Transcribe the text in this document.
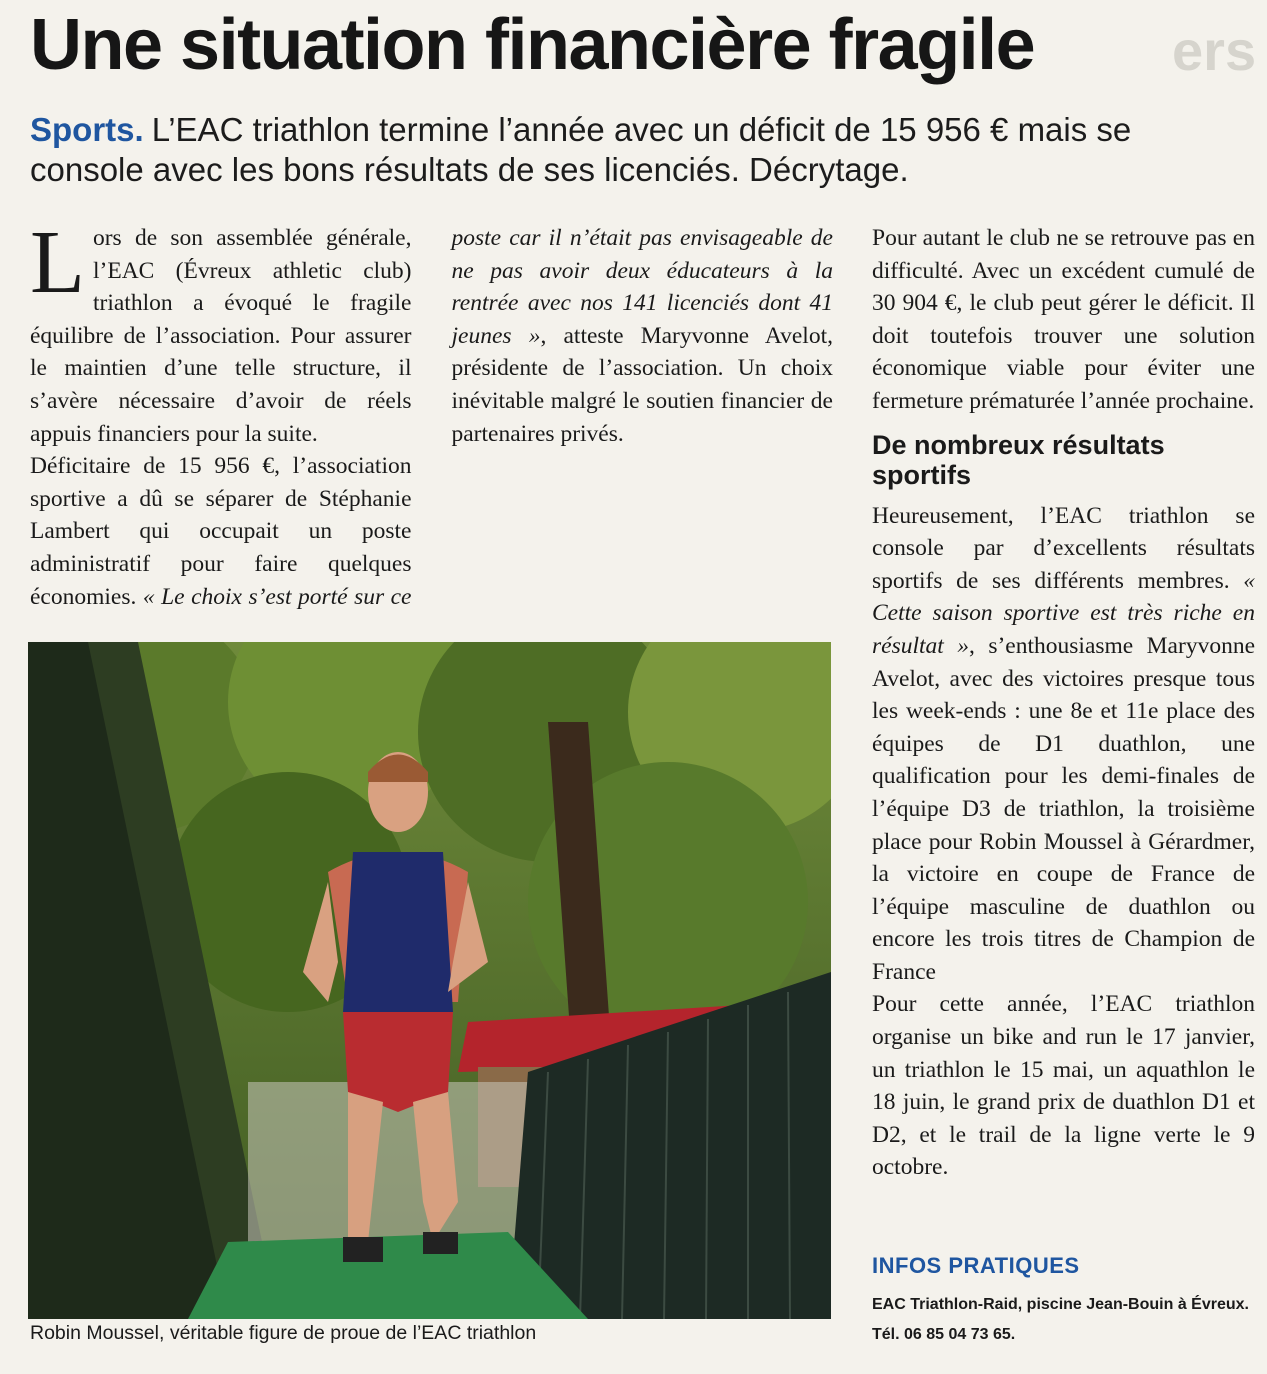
Une situation financière fragile	ers
Sports. L’EAC triathlon termine l’année avec un déficit de 15 956 € mais se console avec les bons résultats de ses licenciés. Décrytage.

Lors de son assemblée générale, l’EAC (Évreux athletic club) triathlon a évoqué le fragile équilibre de l’association. Pour assurer le maintien d’une telle structure, il s’avère nécessaire d’avoir de réels appuis financiers pour la suite.

Déficitaire de 15 956 €, l’association sportive a dû se séparer de Stéphanie Lambert qui occupait un poste administratif pour faire quelques économies. « Le choix s’est porté sur ce poste car il n’était pas envisageable de ne pas avoir deux éducateurs à la rentrée avec nos 141 licenciés dont 41 jeunes », atteste Maryvonne Avelot, présidente de l’association. Un choix inévitable malgré le soutien financier de partenaires privés.

Pour autant le club ne se retrouve pas en difficulté. Avec un excédent cumulé de 30 904 €, le club peut gérer le déficit. Il doit toutefois trouver une solution économique viable pour éviter une fermeture prématurée l’année prochaine.

De nombreux résultats sportifs

Heureusement, l’EAC triathlon se console par d’excellents résultats sportifs de ses différents membres. « Cette saison sportive est très riche en résultat », s’enthousiasme Maryvonne Avelot, avec des victoires presque tous les week-ends : une 8e et 11e place des équipes de D1 duathlon, une qualification pour les demi-finales de l’équipe D3 de triathlon, la troisième place pour Robin Moussel à Gérardmer, la victoire en coupe de France de l’équipe masculine de duathlon ou encore les trois titres de Champion de France

Pour cette année, l’EAC triathlon organise un bike and run le 17 janvier, un triathlon le 15 mai, un aquathlon le 18 juin, le grand prix de duathlon D1 et D2, et le trail de la ligne verte le 9 octobre.

INFOS PRATIQUES
EAC Triathlon-Raid, piscine Jean-Bouin à Évreux. Tél. 06 85 04 73 65.
Robin Moussel, véritable figure de proue de l’EAC triathlon
